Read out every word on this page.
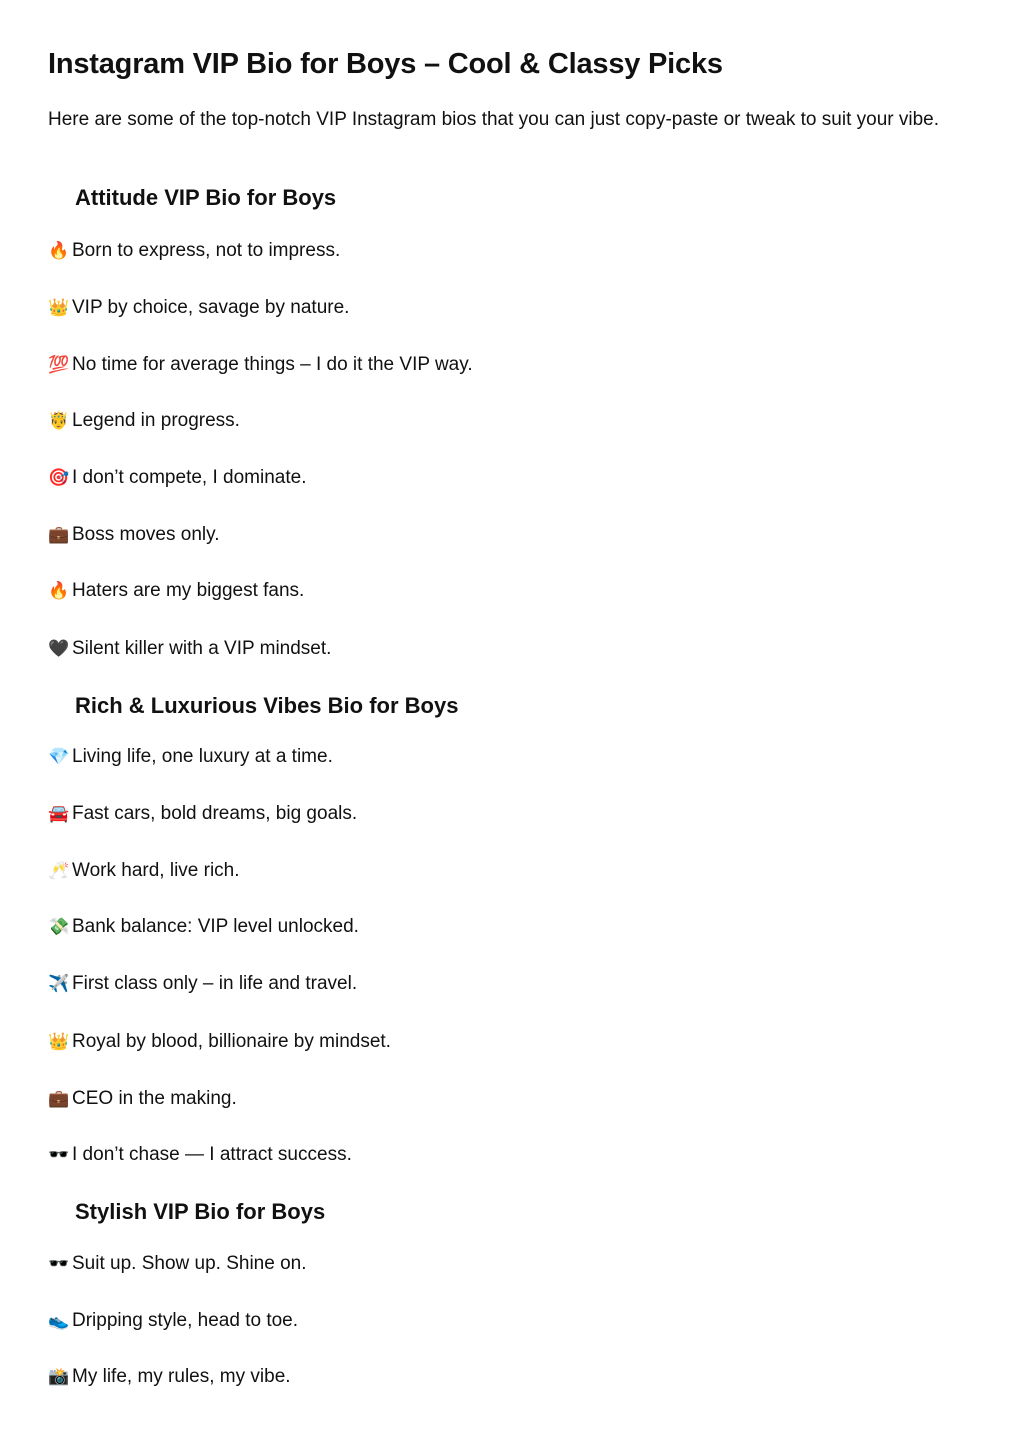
Instagram VIP Bio for Boys – Cool & Classy Picks

Here are some of the top-notch VIP Instagram bios that you can just copy-paste or tweak to suit your vibe.

Attitude VIP Bio for Boys
🔥 Born to express, not to impress.
👑 VIP by choice, savage by nature.
💯 No time for average things – I do it the VIP way.
🤴 Legend in progress.
🎯 I don’t compete, I dominate.
💼 Boss moves only.
🔥 Haters are my biggest fans.
🖤 Silent killer with a VIP mindset.
Rich & Luxurious Vibes Bio for Boys
💎 Living life, one luxury at a time.
🚘 Fast cars, bold dreams, big goals.
🥂 Work hard, live rich.
💸 Bank balance: VIP level unlocked.
✈️ First class only – in life and travel.
👑 Royal by blood, billionaire by mindset.
💼 CEO in the making.
🕶️ I don’t chase — I attract success.
Stylish VIP Bio for Boys
🕶️ Suit up. Show up. Shine on.
👟 Dripping style, head to toe.
📸 My life, my rules, my vibe.
